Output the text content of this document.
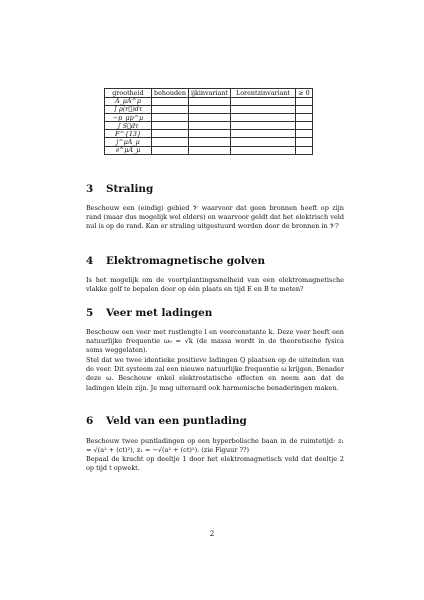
grootheid	behouden	ijkinvariant	Lorentzinvariant	≥ 0
A_μA^μ				
∫ ρ(r⃗)dτ				
−p_μp^μ				
∫ S⃗dτ				
F^{13}				
j^μA_μ				
∂^μA_μ				
3 Straling

Beschouw een (eindig) gebied 𝒱 waarvoor dat geen bronnen heeft op zijn rand (maar dus mogelijk wel elders) en waarvoor geldt dat het elektrisch veld nul is op de rand. Kan er straling uitgestuurd worden door de bronnen in 𝒱?

4 Elektromagnetische golven

Is het mogelijk om de voortplantingssnelheid van een elektromagnetische vlakke golf te bepalen door op één plaats en tijd E en B te meten?

5 Veer met ladingen

Beschouw een veer met rustlengte l en veerconstante k. Deze veer heeft een natuurlijke frequentie ω₀ = √k (de massa wordt in de theoretische fysica soms weggelaten).

Stel dat we twee identieke positieve ladingen Q plaatsen op de uiteinden van de veer. Dit systeem zal een nieuwe natuurlijke frequentie ω krijgen. Benader deze ω. Beschouw enkel elektrostatische effecten en neem aan dat de ladingen klein zijn. Je mag uiteraard ook harmonische benaderingen maken.

6 Veld van een puntlading

Beschouw twee puntladingen op een hyperbolische baan in de ruimtetijd: z₁ = √(a² + (ct)²), z₁ = −√(a² + (ct)²). (zie Figuur ??)

Bepaal de kracht op deeltje 1 door het elektromagnetisch veld dat deeltje 2 op tijd t opwekt.

2
